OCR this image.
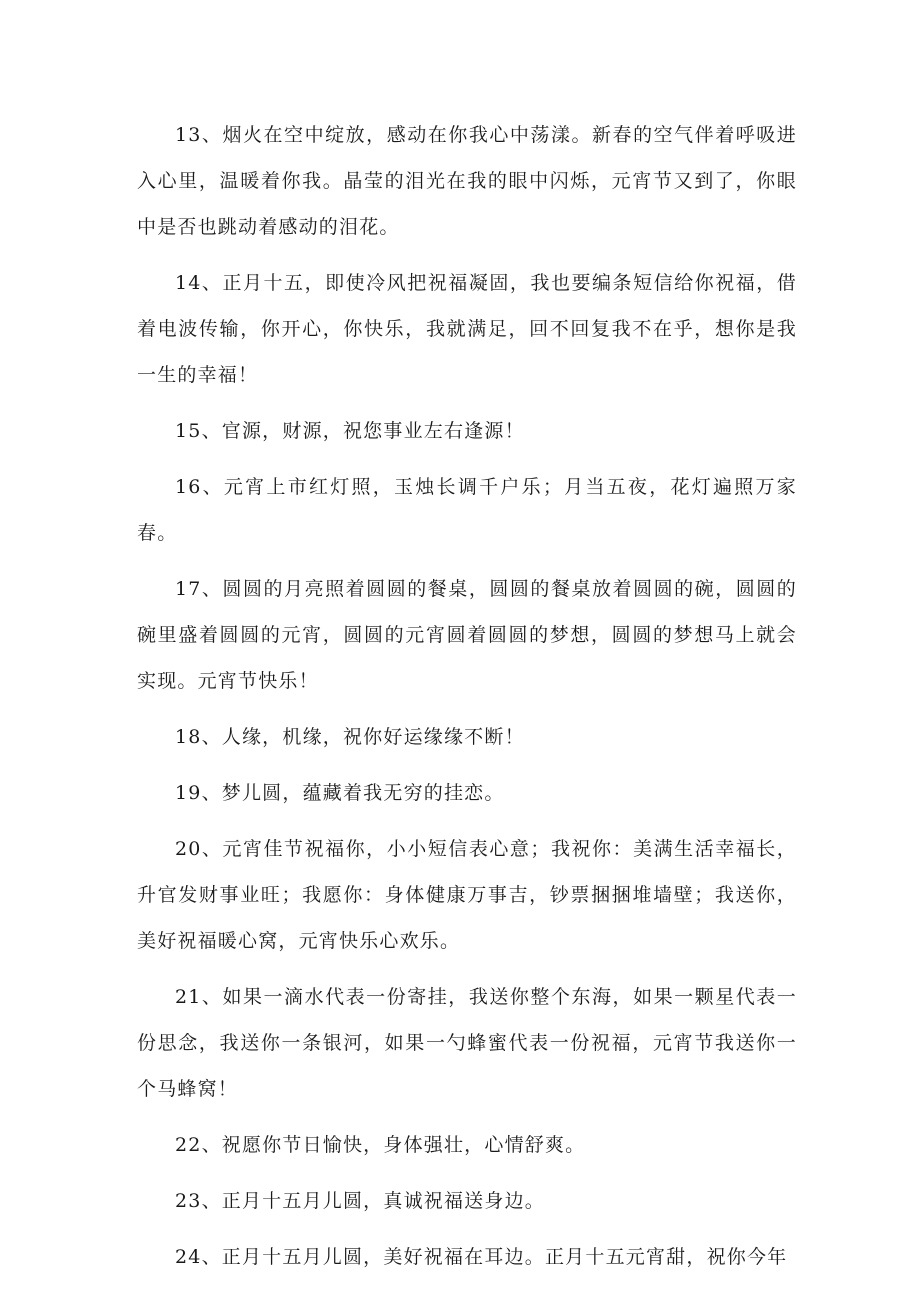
13、烟火在空中绽放，感动在你我心中荡漾。新春的空气伴着呼吸进入心里，温暖着你我。晶莹的泪光在我的眼中闪烁，元宵节又到了，你眼中是否也跳动着感动的泪花。

14、正月十五，即使冷风把祝福凝固，我也要编条短信给你祝福，借着电波传输，你开心，你快乐，我就满足，回不回复我不在乎，想你是我一生的幸福！

15、官源，财源，祝您事业左右逢源！

16、元宵上市红灯照，玉烛长调千户乐；月当五夜，花灯遍照万家春。

17、圆圆的月亮照着圆圆的餐桌，圆圆的餐桌放着圆圆的碗，圆圆的碗里盛着圆圆的元宵，圆圆的元宵圆着圆圆的梦想，圆圆的梦想马上就会实现。元宵节快乐！

18、人缘，机缘，祝你好运缘缘不断！

19、梦儿圆，蕴藏着我无穷的挂恋。

20、元宵佳节祝福你，小小短信表心意；我祝你：美满生活幸福长，升官发财事业旺；我愿你：身体健康万事吉，钞票捆捆堆墙壁；我送你，美好祝福暖心窝，元宵快乐心欢乐。

21、如果一滴水代表一份寄挂，我送你整个东海，如果一颗星代表一份思念，我送你一条银河，如果一勺蜂蜜代表一份祝福，元宵节我送你一个马蜂窝！

22、祝愿你节日愉快，身体强壮，心情舒爽。

23、正月十五月儿圆，真诚祝福送身边。

24、正月十五月儿圆，美好祝福在耳边。正月十五元宵甜，祝你今年
